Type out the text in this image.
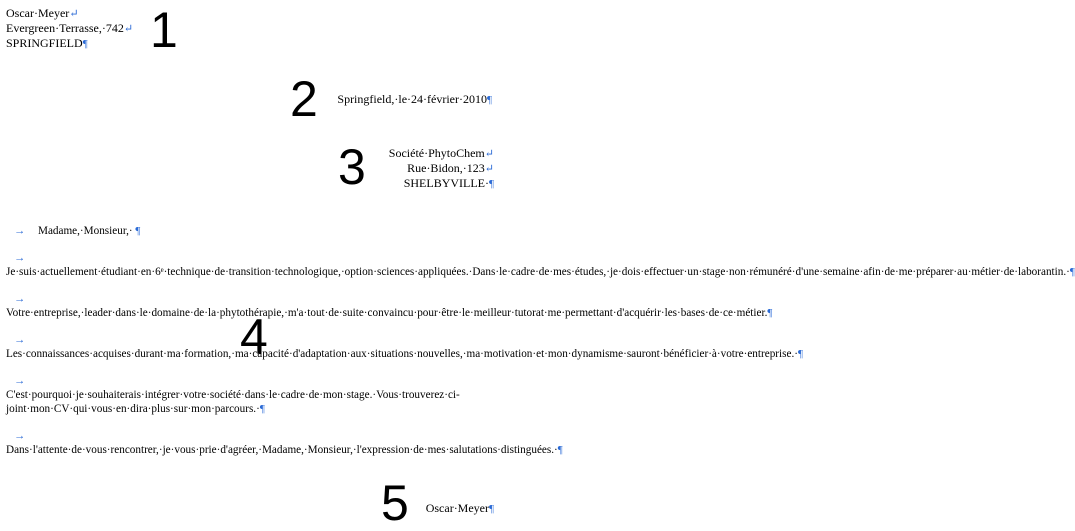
Oscar·Meyer↵
Evergreen·Terrasse,·742↵
SPRINGFIELD¶	1
2 Springfield,·le·24·février·2010¶
3 Société·PhytoChem↵
Rue·Bidon,·123↵
SHELBYVILLE·¶

→ Madame,·Monsieur,· ¶

→Je·suis·actuellement·étudiant·en·6ᵉ·technique·de·transition·technologique,·option·sciences·appliquées.·Dans·le·cadre·de·mes·études,·je·dois·effectuer·un·stage·non·rémunéré·d'une·semaine·afin·de·me·préparer·au·métier·de·laborantin.·¶

→Votre·entreprise,·leader·dans·le·domaine·de·la·phytothérapie,·m'a·tout·de·suite·convaincu·pour·être·le·meilleur·tutorat·me·permettant·d'acquérir·les·bases·de·ce·métier.¶

→Les·connaissances·acquises·durant·ma·formation,·ma·capacité·d'adaptation·aux·situations·nouvelles,·ma·motivation·et·mon·dynamisme·sauront·bénéficier·à·votre·entreprise.·¶

→C'est·pourquoi·je·souhaiterais·intégrer·votre·société·dans·le·cadre·de·mon·stage.·Vous·trouverez·ci-joint·mon·CV·qui·vous·en·dira·plus·sur·mon·parcours.·¶

→Dans·l'attente·de·vous·rencontrer,·je·vous·prie·d'agréer,·Madame,·Monsieur,·l'expression·de·mes·salutations·distinguées.·¶

4
5 Oscar·Meyer¶
